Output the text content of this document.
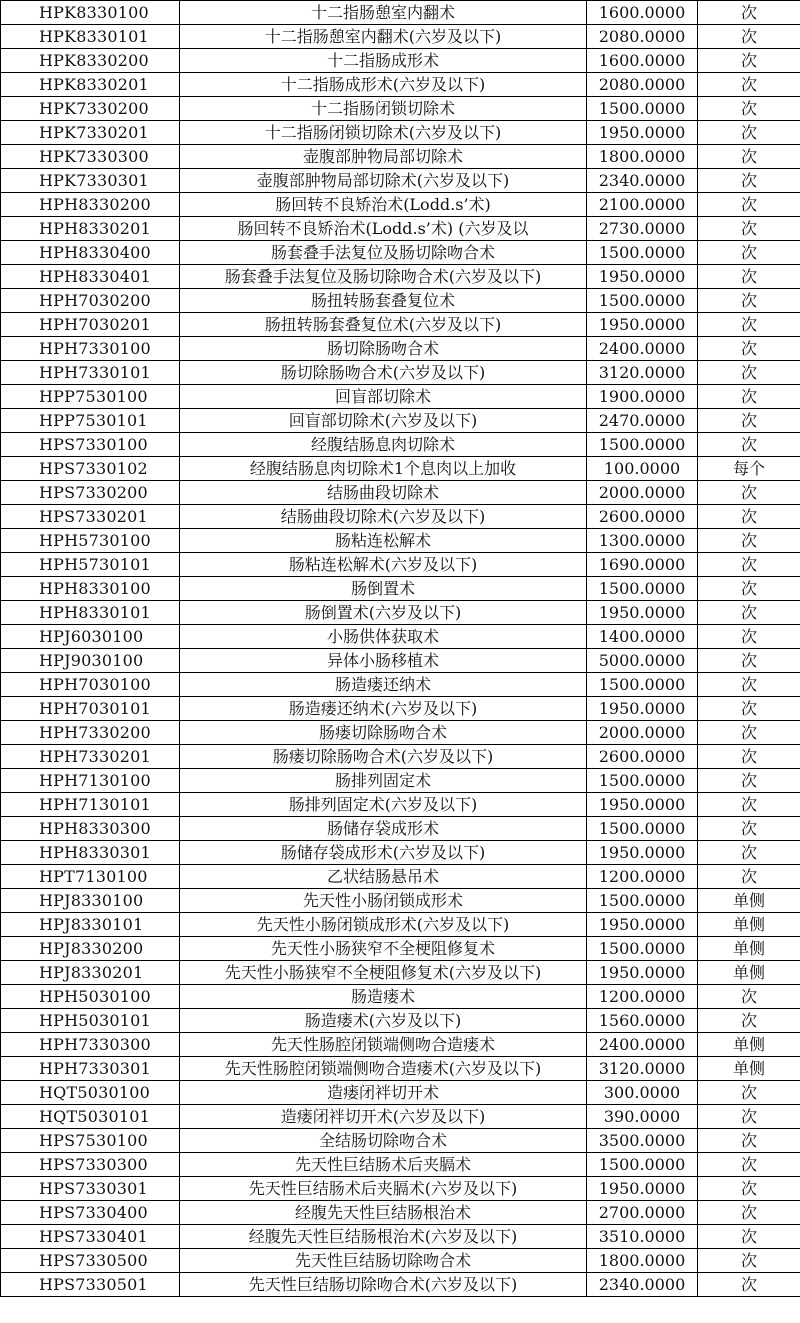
HPK8330100	十二指肠憩室内翻术	1600.0000	次
HPK8330101	十二指肠憩室内翻术(六岁及以下)	2080.0000	次
HPK8330200	十二指肠成形术	1600.0000	次
HPK8330201	十二指肠成形术(六岁及以下)	2080.0000	次
HPK7330200	十二指肠闭锁切除术	1500.0000	次
HPK7330201	十二指肠闭锁切除术(六岁及以下)	1950.0000	次
HPK7330300	壶腹部肿物局部切除术	1800.0000	次
HPK7330301	壶腹部肿物局部切除术(六岁及以下)	2340.0000	次
HPH8330200	肠回转不良矫治术(Lodd.s’术)	2100.0000	次
HPH8330201	肠回转不良矫治术(Lodd.s’术) (六岁及以	2730.0000	次
HPH8330400	肠套叠手法复位及肠切除吻合术	1500.0000	次
HPH8330401	肠套叠手法复位及肠切除吻合术(六岁及以下)	1950.0000	次
HPH7030200	肠扭转肠套叠复位术	1500.0000	次
HPH7030201	肠扭转肠套叠复位术(六岁及以下)	1950.0000	次
HPH7330100	肠切除肠吻合术	2400.0000	次
HPH7330101	肠切除肠吻合术(六岁及以下)	3120.0000	次
HPP7530100	回盲部切除术	1900.0000	次
HPP7530101	回盲部切除术(六岁及以下)	2470.0000	次
HPS7330100	经腹结肠息肉切除术	1500.0000	次
HPS7330102	经腹结肠息肉切除术1个息肉以上加收	100.0000	每个
HPS7330200	结肠曲段切除术	2000.0000	次
HPS7330201	结肠曲段切除术(六岁及以下)	2600.0000	次
HPH5730100	肠粘连松解术	1300.0000	次
HPH5730101	肠粘连松解术(六岁及以下)	1690.0000	次
HPH8330100	肠倒置术	1500.0000	次
HPH8330101	肠倒置术(六岁及以下)	1950.0000	次
HPJ6030100	小肠供体获取术	1400.0000	次
HPJ9030100	异体小肠移植术	5000.0000	次
HPH7030100	肠造瘘还纳术	1500.0000	次
HPH7030101	肠造瘘还纳术(六岁及以下)	1950.0000	次
HPH7330200	肠瘘切除肠吻合术	2000.0000	次
HPH7330201	肠瘘切除肠吻合术(六岁及以下)	2600.0000	次
HPH7130100	肠排列固定术	1500.0000	次
HPH7130101	肠排列固定术(六岁及以下)	1950.0000	次
HPH8330300	肠储存袋成形术	1500.0000	次
HPH8330301	肠储存袋成形术(六岁及以下)	1950.0000	次
HPT7130100	乙状结肠悬吊术	1200.0000	次
HPJ8330100	先天性小肠闭锁成形术	1500.0000	单侧
HPJ8330101	先天性小肠闭锁成形术(六岁及以下)	1950.0000	单侧
HPJ8330200	先天性小肠狭窄不全梗阻修复术	1500.0000	单侧
HPJ8330201	先天性小肠狭窄不全梗阻修复术(六岁及以下)	1950.0000	单侧
HPH5030100	肠造瘘术	1200.0000	次
HPH5030101	肠造瘘术(六岁及以下)	1560.0000	次
HPH7330300	先天性肠腔闭锁端侧吻合造瘘术	2400.0000	单侧
HPH7330301	先天性肠腔闭锁端侧吻合造瘘术(六岁及以下)	3120.0000	单侧
HQT5030100	造瘘闭袢切开术	300.0000	次
HQT5030101	造瘘闭袢切开术(六岁及以下)	390.0000	次
HPS7530100	全结肠切除吻合术	3500.0000	次
HPS7330300	先天性巨结肠术后夹膈术	1500.0000	次
HPS7330301	先天性巨结肠术后夹膈术(六岁及以下)	1950.0000	次
HPS7330400	经腹先天性巨结肠根治术	2700.0000	次
HPS7330401	经腹先天性巨结肠根治术(六岁及以下)	3510.0000	次
HPS7330500	先天性巨结肠切除吻合术	1800.0000	次
HPS7330501	先天性巨结肠切除吻合术(六岁及以下)	2340.0000	次
